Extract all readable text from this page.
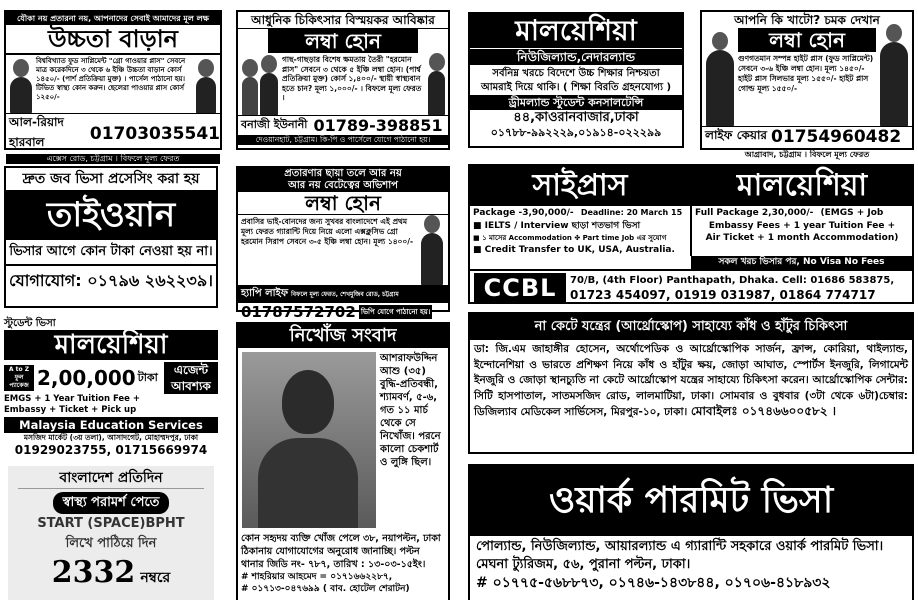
যৌকা নয় প্রতারনা নয়, আপনাদের সেবাই আমাদের মূল লক্ষ
উচ্চতা বাড়ান
বিশ্ববিখ্যাত ফুড সাপ্লিমেন্ট "গ্রো গাওয়ার প্লাস" সেবনে মাত্র করেকদিনে ৩ থেকে ৬ ইঞ্চি উচ্চতা বাড়ান কোর্স ১৪৫০/- (পার্শ প্রতিক্রিয়া মুক্ত) । পার্সেল পাঠানো হয়। টিভিত স্বাস্থ্য কোন করুন। ছেলেরা পাওয়ার প্লাস কোর্স ১২৫০/-
আল-রিয়াদ হারবাল	01703035541
এক্সেস রোড, চট্টগ্রাম । বিফলে মূল্য ফেরত
আধুনিক চিকিৎসার বিস্ময়কর আবিষ্কার
লম্বা হোন
গাছ-গাছড়ার বিশেষ ক্ষমতায় তৈরী "হরমোন প্লাস" সেবনে ৩ থেকে ৫ ইঞ্চি লম্বা হোন। (পার্শ্ব প্রতিক্রিয়া মুক্ত) কোর্স ১,৪০০/- স্থায়ী স্বাস্থ্যবান হতে চান? মূল্য ১,০০০/- । বিফলে মূল্য ফেরত ।
বনাজী ইউনানী 01789-398851
দেওয়ানহাট, চট্টগ্রাম। কি-পি ও পার্সেলে যোগে পাঠানো হয়।
মালয়েশিয়া
নিউজিল্যান্ড,নেদারল্যান্ড
সর্বনিম্ন খরচে বিদেশে উচ্চ শিক্ষার নিশ্চয়তা
আমরাই দিয়ে থাকি। ( শিক্ষা বিরতি গ্রহনযোগ্য )
ড্রীমল্যান্ড স্টুডেন্ট কনসালটেন্সি
৪৪,কাওরানবাজার,ঢাকা
০১৭৮৮-৯৯২২২৯,০১৯১৪-০২২২৯৯
আপনি কি খাটো? চমক দেখান
লম্বা হোন
গুণগতমান সম্পন্ন হাইট প্লাস (ফুড সাপ্লিমেন্ট) সেবনে ৩-৬ ইঞ্চি লম্বা হোন। মূল্য ১৪৫০/- হাইট প্লাস সিলভার মূল্য ১৫৫০/- হাইট প্লাস গোল্ড মূল্য ১৫৫০/-
লাইফ কেয়ার 01754960482
আগ্রাবাদ, চট্টগ্রাম । বিফলে মূল্য ফেরত
দ্রুত জব ভিসা প্রসেসিং করা হয়
তাইওয়ান
ভিসার আগে কোন টাকা নেওয়া হয় না।
যোগাযোগ: ০১৭৯৬ ২৬২২৩৯।
প্রতারণার ছায়া তলে আর নয়
আর নয় বেটেত্বের অভিশাপ
লম্বা হোন
প্রবাসির ভাই-বোনদের জন্য সুখবর বাংলাদেশে এই প্রথম মূল্য ফেরত গ্যারান্টি দিয়ে নিয়ে এলো এক্সক্লুসিভ গ্রো হরমোন সিরাপ সেবনে ৩-৫ ইঞ্চি লম্বা হোন। মূল্য ১৪০০/-
হ্যাপি লাইফ বিফলে মূল্য ফেরত, শেখমুজিব রোড, চট্টগ্রাম
01787572702 ভিপি যোগে পাঠানো হয়।
সাইপ্রাস
Package -3,90,000/- Deadline: 20 March 15
■ IELTS / Interview ছাড়া শতভাগ ভিসা
■ ১ মাসের Accommodation ✤ Part time Job এর সুযোগ
■ Credit Transfer to UK, USA, Australia.
মালয়েশিয়া
Full Package 2,30,000/- (EMGS + Job
Embassy Fees + 1 year Tuition Fee +
Air Ticket + 1 month Accommodation)
সকল খরচ ভিসার পর, No Visa No Fees
CCBL	70/B, (4th Floor) Panthapath, Dhaka. Cell: 01686 583875,
01723 454097, 01919 031987, 01864 774717
স্টুডেন্ট ভিসা
মালয়েশিয়া
A to Z
ফুল প্যাকেজ 2,00,000 টাকা	এজেন্ট
আবশ্যক
EMGS + 1 Year Tuition Fee + Embassy + Ticket + Pick up
Malaysia Education Services
মসজিদ মার্কেট (৩য় তলা), আসাদগেট, মোহাম্মদপুর, ঢাকা
01929023755, 01715669974
নিখোঁজ সংবাদ
আশরাফউদ্দিন আশু (৩৫) বুদ্ধি-প্রতিবন্ধী, শ্যামবর্ণ, ৫-৬, গত ১১ মার্চ থেকে সে নিখোঁজ। পরনে কালো চেকশার্ট ও লুঙ্গি ছিল।
কোন সহৃদয় ব্যক্তি খোঁজ পেলে ৩৮, নয়াপল্টন, ঢাকা ঠিকানায় যোগাযোগের অনুরোধ জানাচ্ছি। পল্টন থানার জিডি নং- ৭৮৭, তারিখ : ১৩-০৩-১৫ইং।
# শাহরিয়ার আহমেদ = ০১৭১৬৬২২৮৭,
# ০১৭১৩-০৪৭৬৯৯ ( বাব. হোটেল শেরাটন)
না কেটে যন্ত্রের (আর্থ্রোস্কোপ) সাহায্যে কাঁধ ও হাঁটুর চিকিৎসা
ডা: জি.এম জাহাঙ্গীর হোসেন, অর্থোপেডিক ও আর্থ্রোস্কোপিক সার্জন, ফ্রান্স, কোরিয়া, থাইল্যান্ড, ইন্দোনেশিয়া ও ভারতে প্রশিক্ষণ নিয়ে কাঁধ ও হাঁটুর ক্ষয়, জোড়া আঘাত, স্পোর্টস ইনজুরি, লিগামেন্ট ইনজুরি ও জোড়া স্থানচ্যুতি না কেটে আর্থ্রোস্কোপ যন্ত্রের সাহায্যে চিকিৎসা করেন। আর্থ্রোস্কোপিক সেন্টার: সিটি হাসপাতাল, সাতমসজিদ রোড, লালমাটিয়া, ঢাকা। সোমবার ও বুধবার (৩টা থেকে ৬টা)চেম্বার: ডিজিল্যাব মেডিকেল সার্ভিসেস, মিরপুর-১০, ঢাকা। মোবাইলঃ ০১৭৪৬৬০০৫৮২ ।
বাংলাদেশ প্রতিদিন
স্বাস্থ্য পরামর্শ পেতে
START (SPACE)BPHT
লিখে পাঠিয়ে দিন
2332 নম্বরে
ওয়ার্ক পারমিট ভিসা
পোল্যান্ড, নিউজিল্যান্ড, আয়ারল্যান্ড এ গ্যারান্টি সহকারে ওয়ার্ক পারমিট ভিসা। মেঘনা ট্যুরিজম, ৫৬, পুরানা পল্টন, ঢাকা।
# ০১৭৭৫-৫৬৮৮৭৩, ০১৭৪৬-১৪৩৮৪৪, ০১৭০৬-৪১৮৯৩২
